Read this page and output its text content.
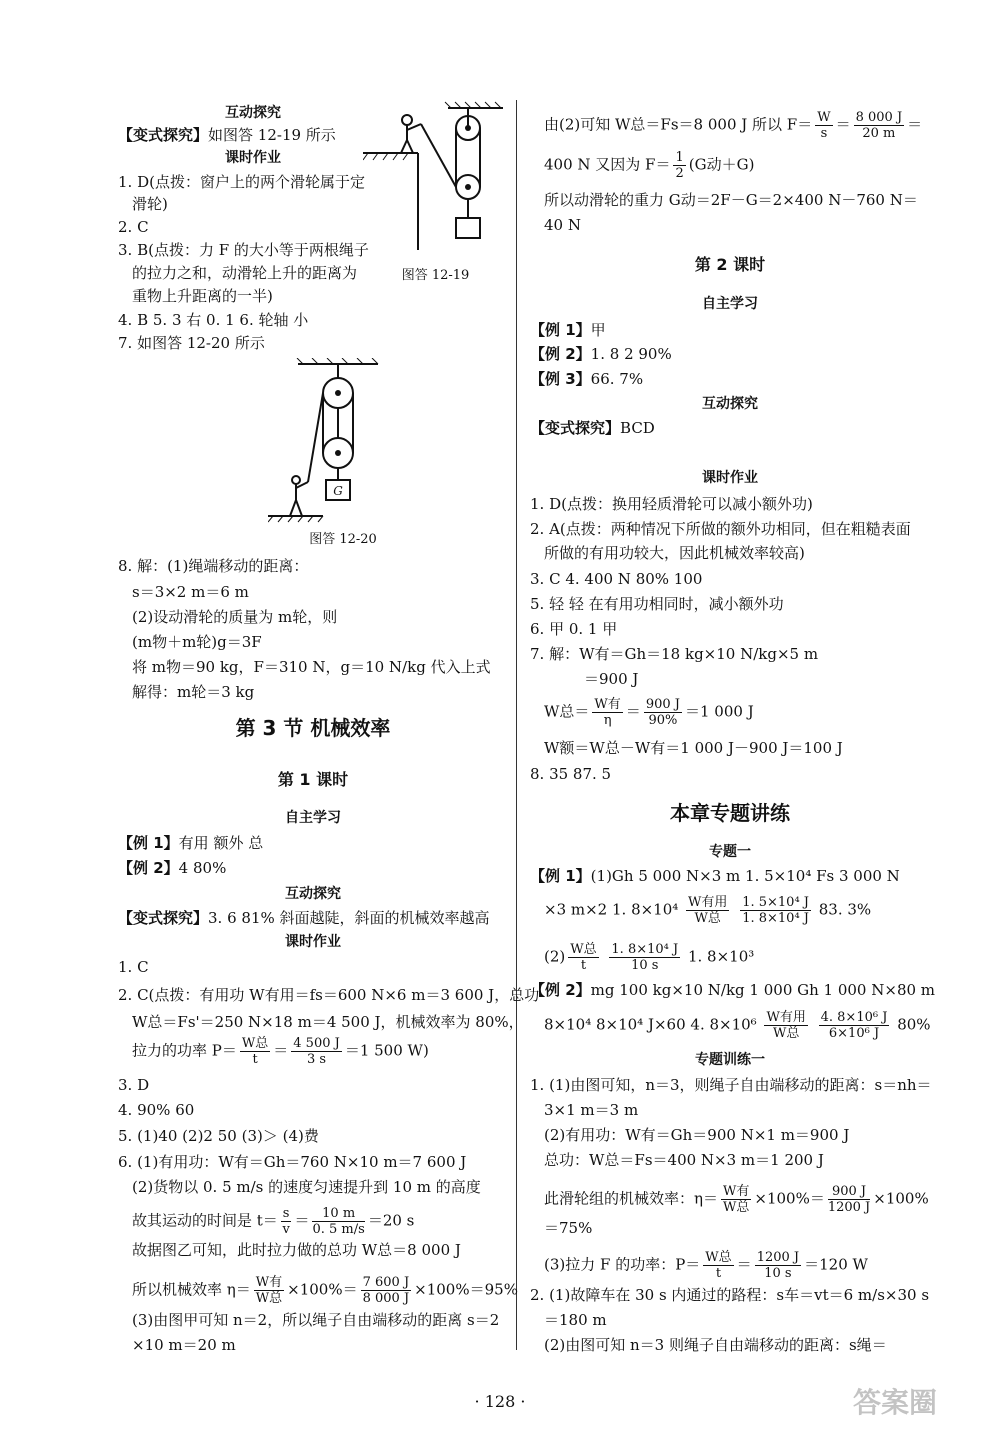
互动探究
【变式探究】如图答 12-19 所示
课时作业
1. D(点拨：窗户上的两个滑轮属于定
滑轮)
2. C
3. B(点拨：力 F 的大小等于两根绳子
的拉力之和，动滑轮上升的距离为
重物上升距离的一半)
4. B 5. 3 右 0. 1 6. 轮轴 小
7. 如图答 12-20 所示
图答 12-19
G
图答 12-20
8. 解：(1)绳端移动的距离：
s＝3×2 m＝6 m
(2)设动滑轮的质量为 m轮，则
(m物＋m轮)g＝3F
将 m物＝90 kg，F＝310 N，g＝10 N/kg 代入上式
解得：m轮＝3 kg
第 3 节 机械效率
第 1 课时
自主学习
【例 1】有用 额外 总
【例 2】4 80%
互动探究
【变式探究】3. 6 81% 斜面越陡，斜面的机械效率越高
课时作业
1. C
2. C(点拨：有用功 W有用＝fs＝600 N×6 m＝3 600 J，总功
W总＝Fs'＝250 N×18 m＝4 500 J，机械效率为 80%，
拉力的功率 $P= \frac{\text{W总}}{t} = \frac{4 500 J}{3 s} =1$ 500 W)
3. D
4. 90% 60
5. (1)40 (2)2 50 (3)＞ (4)费
6. (1)有用功：W有＝Gh＝760 N×10 m＝7 600 J
(2)货物以 0. 5 m/s 的速度匀速提升到 10 m 的高度
故其运动的时间是 $t= \frac{s}{v} = \frac{10 m}{0. 5 m/s} =20$ s
故据图乙可知，此时拉力做的总功 W总＝8 000 J
所以机械效率 $\eta= \frac{\text{W有}}{\text{W总}} \times 100\%= \frac{7 600 J}{8 000 J} \times 100\%=95\%$
(3)由图甲可知 n＝2，所以绳子自由端移动的距离 s＝2
×10 m＝20 m
由(2)可知 W总＝Fs＝8 000 J 所以 $F= \frac{W}{s} = \frac{8 000 J}{20 m}$ ＝
400 N 又因为 $F= \frac{1}{2} (G$动＋G)
所以动滑轮的重力 G动＝2F－G＝2×400 N－760 N＝
40 N
第 2 课时
自主学习
【例 1】甲
【例 2】1. 8 2 90%
【例 3】66. 7%
互动探究
【变式探究】BCD
课时作业
1. D(点拨：换用轻质滑轮可以减小额外功)
2. A(点拨：两种情况下所做的额外功相同，但在粗糙表面
所做的有用功较大，因此机械效率较高)
3. C 4. 400 N 80% 100
5. 轻 轻 在有用功相同时，减小额外功
6. 甲 0. 1 甲
7. 解：W有＝Gh＝18 kg×10 N/kg×5 m
＝900 J
W总＝ $\frac{\text{W有}}{\eta} = \frac{900 J}{90\%} =1$ 000 J
W额＝W总－W有＝1 000 J－900 J＝100 J
8. 35 87. 5
本章专题讲练
专题一
【例 1】(1)Gh 5 000 N×3 m 1. 5×10⁴ Fs 3 000 N
×3 m×2 1. $8\times 10^4 \frac{\text{W有用}}{\text{W总}}$
$\frac{\text{1. 5×10⁴ J}}{\text{1. 8×10⁴ J}} 83$. 3%
$(2) \frac{\text{W总}}{t}$
$\frac{\text{1. 8×10⁴ J}}{10 s} 1$. 8×10³
【例 2】mg 100 kg×10 N/kg 1 000 Gh 1 000 N×80 m
8×10⁴ 8×10⁴ J×60 4. $8\times 10^6 \frac{\text{W有用}}{\text{W总}}$
$\frac{\text{4. 8×10⁶ J}}{\text{6×10⁶ J}} 80\%$
专题训练一
1. (1)由图可知，n＝3，则绳子自由端移动的距离：s＝nh＝
3×1 m＝3 m
(2)有用功：W有＝Gh＝900 N×1 m＝900 J
总功：W总＝Fs＝400 N×3 m＝1 200 J
此滑轮组的机械效率：$\eta= \frac{\text{W有}}{\text{W总}} \times 100\%= \frac{900 J}{1200 J} \times 100\%$
＝75%
(3)拉力 F 的功率：$P= \frac{\text{W总}}{t} = \frac{1200 J}{10 s} =120$ W
2. (1)故障车在 30 s 内通过的路程：s车＝vt＝6 m/s×30 s
＝180 m
(2)由图可知 n＝3 则绳子自由端移动的距离：s绳＝
· 128 ·	答案圈
